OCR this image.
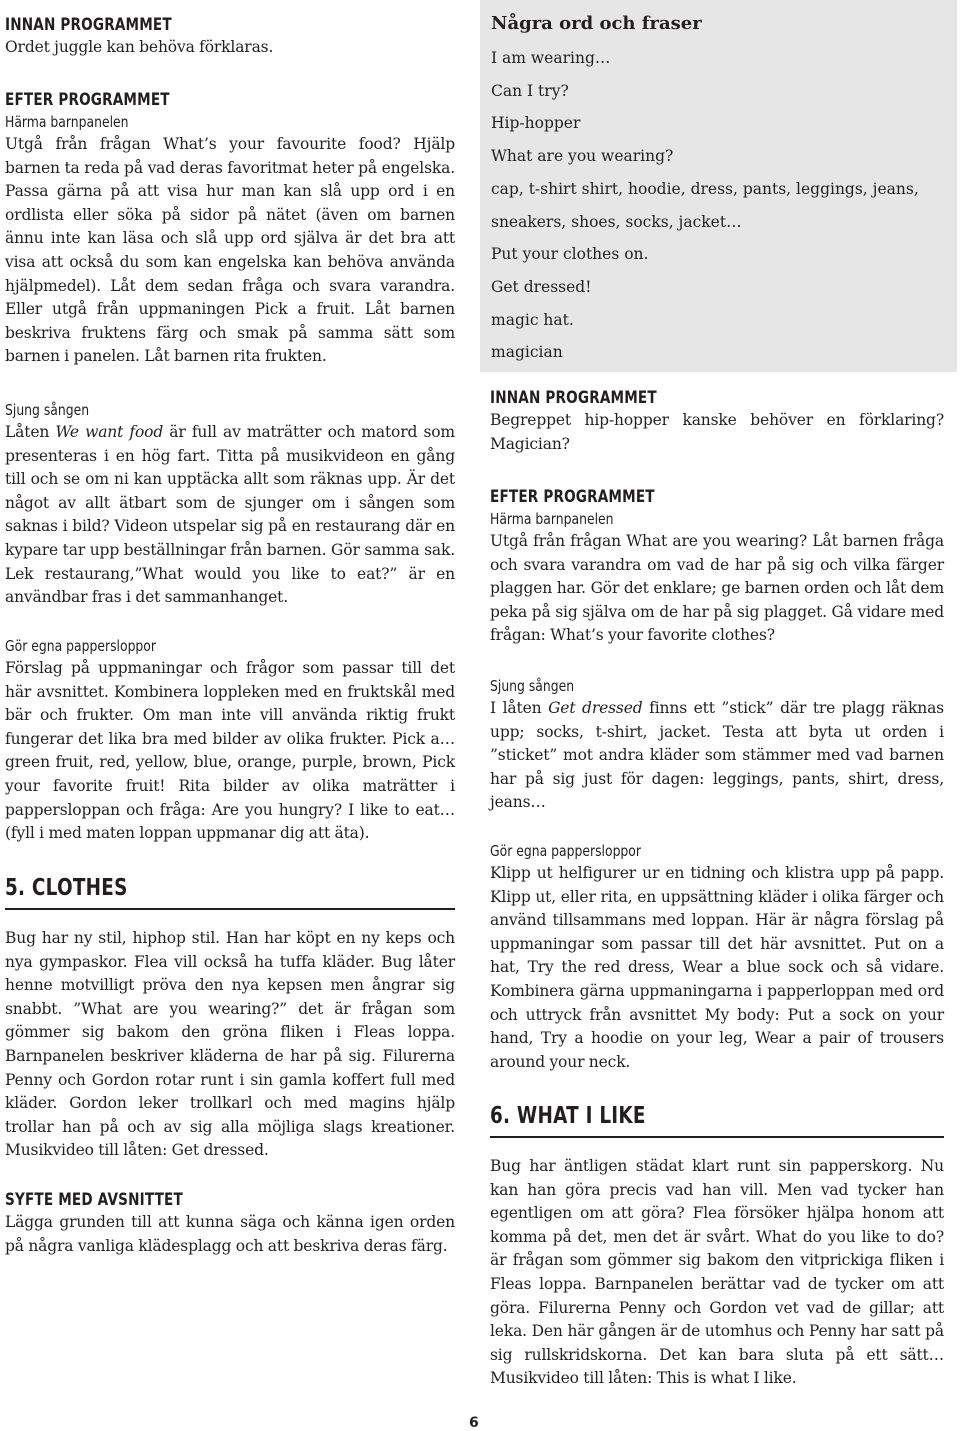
Några ord och fraser
I am wearing…
Can I try?
Hip-hopper
What are you wearing?
cap, t-shirt shirt, hoodie, dress, pants, leggings, jeans,
sneakers, shoes, socks, jacket…
Put your clothes on.
Get dressed!
magic hat.
magician
INNAN PROGRAMMET

Ordet juggle kan behöva förklaras.

EFTER PROGRAMMET
Härma barnpanelen

Utgå från frågan What’s your favourite food? Hjälp barnen ta reda på vad deras favoritmat heter på engelska. Passa gärna på att visa hur man kan slå upp ord i en ordlista eller söka på sidor på nätet (även om barnen ännu inte kan läsa och slå upp ord själva är det bra att visa att också du som kan engelska kan behöva använda hjälpmedel). Låt dem sedan fråga och svara varandra. Eller utgå från uppmaningen Pick a fruit. Låt barnen beskriva fruktens färg och smak på samma sätt som barnen i panelen. Låt barnen rita frukten.

Sjung sången

Låten We want food är full av maträtter och matord som presenteras i en hög fart. Titta på musikvideon en gång till och se om ni kan upptäcka allt som räknas upp. Är det något av allt ätbart som de sjunger om i sången som saknas i bild? Videon utspelar sig på en restaurang där en kypare tar upp beställningar från barnen. Gör samma sak. Lek restaurang,”What would you like to eat?” är en användbar fras i det sammanhanget.

Gör egna pappersloppor

Förslag på uppmaningar och frågor som passar till det här avsnittet. Kombinera loppleken med en fruktskål med bär och frukter. Om man inte vill använda riktig frukt fungerar det lika bra med bilder av olika frukter. Pick a… green fruit, red, yellow, blue, orange, purple, brown, Pick your favorite fruit! Rita bilder av olika maträtter i pappersloppan och fråga: Are you hungry? I like to eat…(fyll i med maten loppan uppmanar dig att äta).

5. CLOTHES

Bug har ny stil, hiphop stil. Han har köpt en ny keps och nya gympaskor. Flea vill också ha tuffa kläder. Bug låter henne motvilligt pröva den nya kepsen men ångrar sig snabbt. ”What are you wearing?” det är frågan som gömmer sig bakom den gröna fliken i Fleas loppa. Barnpanelen beskriver kläderna de har på sig. Filurerna Penny och Gordon rotar runt i sin gamla koffert full med kläder. Gordon leker trollkarl och med magins hjälp trollar han på och av sig alla möjliga slags kreationer. Musikvideo till låten: Get dressed.

SYFTE MED AVSNITTET

Lägga grunden till att kunna säga och känna igen orden på några vanliga klädesplagg och att beskriva deras färg.

INNAN PROGRAMMET

Begreppet hip-hopper kanske behöver en förklaring? Magician?

EFTER PROGRAMMET
Härma barnpanelen

Utgå från frågan What are you wearing? Låt barnen fråga och svara varandra om vad de har på sig och vilka färger plaggen har. Gör det enklare; ge barnen orden och låt dem peka på sig själva om de har på sig plagget. Gå vidare med frågan: What’s your favorite clothes?

Sjung sången

I låten Get dressed finns ett ”stick” där tre plagg räknas upp; socks, t-shirt, jacket. Testa att byta ut orden i ”sticket” mot andra kläder som stämmer med vad barnen har på sig just för dagen: leggings, pants, shirt, dress, jeans…

Gör egna pappersloppor

Klipp ut helfigurer ur en tidning och klistra upp på papp. Klipp ut, eller rita, en uppsättning kläder i olika färger och använd tillsammans med loppan. Här är några förslag på uppmaningar som passar till det här avsnittet. Put on a hat, Try the red dress, Wear a blue sock och så vidare. Kombinera gärna uppmaningarna i papperloppan med ord och uttryck från avsnittet My body: Put a sock on your hand, Try a hoodie on your leg, Wear a pair of trousers around your neck.

6. WHAT I LIKE

Bug har äntligen städat klart runt sin papperskorg. Nu kan han göra precis vad han vill. Men vad tycker han egentligen om att göra? Flea försöker hjälpa honom att komma på det, men det är svårt. What do you like to do? är frågan som gömmer sig bakom den vitprickiga fliken i Fleas loppa. Barnpanelen berättar vad de tycker om att göra. Filurerna Penny och Gordon vet vad de gillar; att leka. Den här gången är de utomhus och Penny har satt på sig rullskridskorna. Det kan bara sluta på ett sätt… Musikvideo till låten: This is what I like.

6
